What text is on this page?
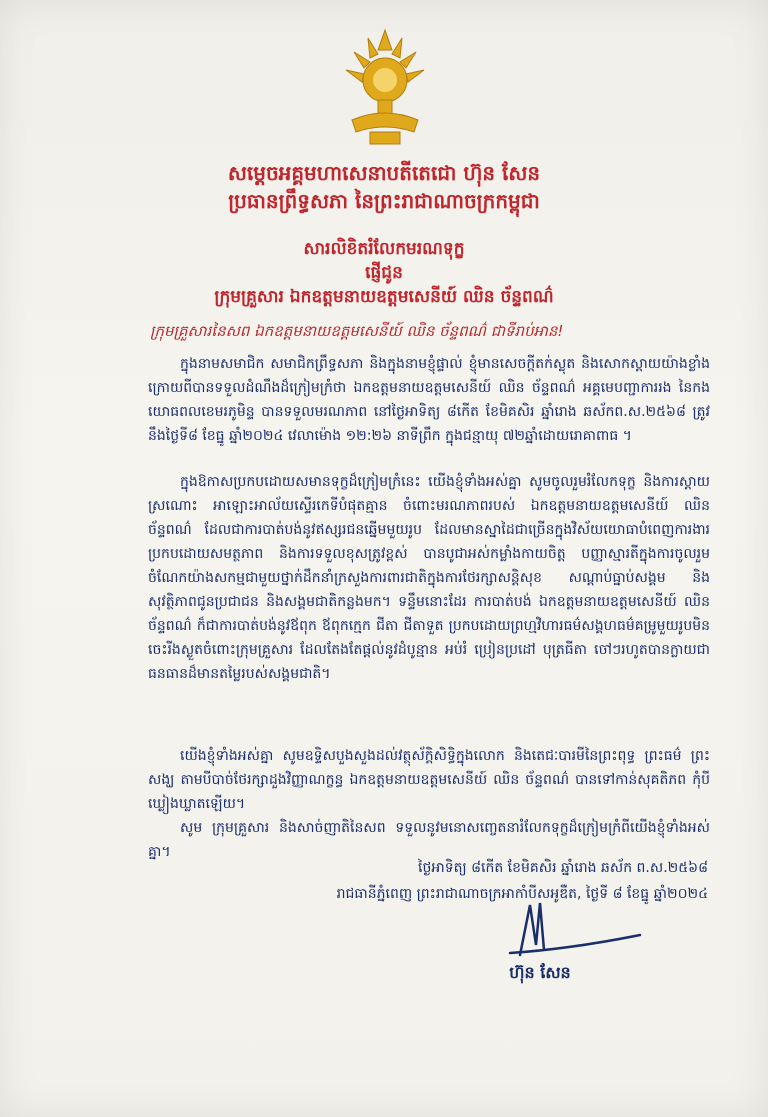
សម្តេចអគ្គមហាសេនាបតីតេជោ ហ៊ុន សែន
ប្រធានព្រឹទ្ធសភា នៃព្រះរាជាណាចក្រកម្ពុជា
សារលិខិតរំលែកមរណទុក្ខ
ផ្ញើជូន
ក្រុមគ្រួសារ ឯកឧត្តមនាយឧត្តមសេនីយ៍ ឈិន ច័ន្ទពណ៌
ក្រុមគ្រួសារនៃសព ឯកឧត្តមនាយឧត្តមសេនីយ៍ ឈិន ច័ន្ទពណ៌ ជាទីរាប់អាន!
ក្នុងនាមសមាជិក សមាជិកព្រឹទ្ធសភា និងក្នុងនាមខ្ញុំផ្ទាល់ ខ្ញុំមានសេចក្តីតក់ស្លុត និងសោកស្តាយយ៉ាងខ្លាំងក្រោយពីបានទទួលដំណឹងដ៏ក្រៀមក្រំថា ឯកឧត្តមនាយឧត្តមសេនីយ៍ ឈិន ច័ន្ទពណ៌ អគ្គមេបញ្ជាការរង នៃកងយោធពលខេមរភូមិន្ទ បានទទួលមរណភាព នៅថ្ងៃអាទិត្យ ៨កើត ខែមិគសិរ ឆ្នាំរោង ឆស័កព.ស.២៥៦៨ ត្រូវនឹងថ្ងៃទី៨ ខែធ្នូ ឆ្នាំ២០២៤ វេលាម៉ោង ១២:២៦ នាទីព្រឹក ក្នុងជន្មាយុ ៧២ឆ្នាំដោយរោគាពាធ ។
ក្នុងឱកាសប្រកបដោយសមានទុក្ខដ៏ក្រៀមក្រំនេះ យើងខ្ញុំទាំងអស់គ្នា សូមចូលរួមរំលែកទុក្ខ និងការស្តាយស្រណោះ អាឡោះអាល័យស្ទើរកេទីបំផុតគ្មាន ចំពោះមរណភាពរបស់ ឯកឧត្តមនាយឧត្តមសេនីយ៍ ឈិន ច័ន្ទពណ៌ ដែលជាការបាត់បង់នូវឥស្សរជនឆ្នើមមួយរូប ដែលមានស្នាដៃជាច្រើនក្នុងវិស័យយោធាបំពេញការងារប្រកបដោយសមត្ថភាព និងការទទួលខុសត្រូវខ្ពស់ បានបូជាអស់កម្លាំងកាយចិត្ត បញ្ញាស្មារតីក្នុងការចូលរួមចំណែកយ៉ាងសកម្មជាមួយថ្នាក់ដឹកនាំក្រសួងការពារជាតិក្នុងការថែរក្សាសន្តិសុខ សណ្តាប់ធ្នាប់សង្គម និងសុវត្ថិភាពជូនប្រជាជន និងសង្គមជាតិកន្លងមក។ ទន្ទឹមនោះដែរ ការបាត់បង់ ឯកឧត្តមនាយឧត្តមសេនីយ៍ ឈិន ច័ន្ទពណ៌ ក៏ជាការបាត់បង់នូវឪពុក ឪពុកក្មេក ជីតា ជីតាទួត ប្រកបដោយព្រហ្មវិហារធម៌សង្គហធម៌គម្រូមួយរូបមិនចេះរីងស្ងួតចំពោះក្រុមគ្រួសារ ដែលតែងតែផ្តល់នូវដំបូន្មាន អប់រំ ប្រៀនប្រដៅ បុត្រធីតា ចៅៗរហូតបានក្លាយជាធនធានដ៏មានតម្លៃរបស់សង្គមជាតិ។
យើងខ្ញុំទាំងអស់គ្នា សូមឧទ្ទិសបួងសួងដល់វត្ថុស័ក្តិសិទ្ធិក្នុងលោក និងតេជៈបារមីនៃព្រះពុទ្ធ ព្រះធម៌ ព្រះសង្ឃ តាមបីបាច់ថែរក្សាដួងវិញ្ញាណក្ខន្ធ ឯកឧត្តមនាយឧត្តមសេនីយ៍ ឈិន ច័ន្ទពណ៌ បានទៅកាន់សុគតិភព កុំបីឃ្លៀងឃ្លាតឡើយ។
សូម ក្រុមគ្រួសារ និងសាច់ញាតិនៃសព ទទួលនូវមនោសញ្ចេតនារំលែកទុក្ខដ៏ក្រៀមក្រំពីយើងខ្ញុំទាំងអស់គ្នា។
ថ្ងៃអាទិត្យ ៨កើត ខែមិគសិរ ឆ្នាំរោង ឆស័ក ព.ស.២៥៦៨
រាជធានីភ្នំពេញ ព្រះរាជាណាចក្រអាកាំបីសអូឌឺត, ថ្ងៃទី ៨ ខែធ្នូ ឆ្នាំ២០២៤
ហ៊ុន សែន
